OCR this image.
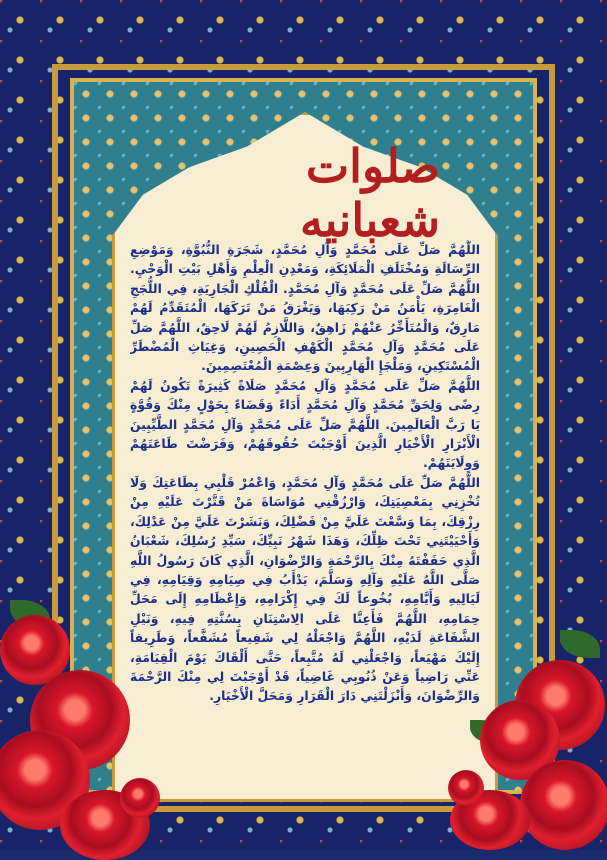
صلوات شعبانیه

اللَّهُمَّ صَلِّ عَلَى مُحَمَّدٍ وَآلِ مُحَمَّدٍ، شَجَرَةِ النُّبُوَّةِ، وَمَوْضِعِ الرِّسَالَةِ وَمُخْتَلَفِ الْمَلَائِكَةِ، وَمَعْدِنِ الْعِلْمِ وَأَهْلِ بَيْتِ الْوَحْيِ. اللَّهُمَّ صَلِّ عَلَى مُحَمَّدٍ وَآلِ مُحَمَّدٍ. الْفُلْكِ الْجَارِيَةِ، فِي اللُّجَجِ الْغَامِرَةِ، يَأْمَنُ مَنْ رَكِبَهَا، وَيَغْرَقُ مَنْ تَرَكَهَا، الْمُتَقَدِّمُ لَهُمْ مَارِقٌ، وَالْمُتَأَخِّرُ عَنْهُمْ زَاهِقٌ، وَاللَّازِمُ لَهُمْ لَاحِقٌ، اللَّهُمَّ صَلِّ عَلَى مُحَمَّدٍ وَآلِ مُحَمَّدٍ الْكَهْفِ الْحَصِينِ، وَغِيَاثِ الْمُضْطَرِّ الْمُسْتَكِينِ، وَمَلْجَإِ الْهَارِبِينَ وَعِصْمَةِ الْمُعْتَصِمِينَ.

اللَّهُمَّ صَلِّ عَلَى مُحَمَّدٍ وَآلِ مُحَمَّدٍ صَلَاةً كَثِيرَةً تَكُونُ لَهُمْ رِضًى وَلِحَقِّ مُحَمَّدٍ وَآلِ مُحَمَّدٍ أَدَاءً وَقَضَاءً بِحَوْلٍ مِنْكَ وَقُوَّةٍ يَا رَبَّ الْعَالَمِينَ. اللَّهُمَّ صَلِّ عَلَى مُحَمَّدٍ وَآلِ مُحَمَّدٍ الطَّيِّبِينَ الْأَبْرَارِ الْأَخْيَارِ الَّذِينَ أَوْجَبْتَ حُقُوقَهُمْ، وَفَرَضْتَ طَاعَتَهُمْ وَوِلَايَتَهُمْ.

اللَّهُمَّ صَلِّ عَلَى مُحَمَّدٍ وَآلِ مُحَمَّدٍ، وَاعْمُرْ قَلْبِي بِطَاعَتِكَ وَلَا تُخْزِنِي بِمَعْصِيَتِكَ، وَارْزُقْنِي مُوَاسَاةَ مَنْ قَتَّرْتَ عَلَيْهِ مِنْ رِزْقِكَ، بِمَا وَسَّعْتَ عَلَيَّ مِنْ فَضْلِكَ، وَنَشَرْتَ عَلَيَّ مِنْ عَدْلِكَ، وَأَحْيَيْتَنِي تَحْتَ ظِلِّكَ، وَهَذَا شَهْرُ نَبِيِّكَ، سَيِّدِ رُسُلِكَ، شَعْبَانُ الَّذِي حَفَفْتَهُ مِنْكَ بِالرَّحْمَةِ وَالرِّضْوَانِ، الَّذِي كَانَ رَسُولُ اللَّهِ صَلَّى اللَّهُ عَلَيْهِ وَآلِهِ وَسَلَّمَ، يَدْأَبُ فِي صِيَامِهِ وَقِيَامِهِ، فِي لَيَالِيهِ وَأَيَّامِهِ، بُخُوعاً لَكَ فِي إِكْرَامِهِ، وَإِعْظَامِهِ إِلَى مَحَلِّ حِمَامِهِ، اللَّهُمَّ فَأَعِنَّا عَلَى الِاسْتِنَانِ بِسُنَّتِهِ فِيهِ، وَنَيْلِ الشَّفَاعَةِ لَدَيْهِ، اللَّهُمَّ وَاجْعَلْهُ لِي شَفِيعاً مُشَفَّعاً، وَطَرِيقاً إِلَيْكَ مَهْيَعاً، وَاجْعَلْنِي لَهُ مُتَّبِعاً، حَتَّى أَلْقَاكَ يَوْمَ الْقِيَامَةِ، عَنِّي رَاضِياً وَعَنْ ذُنُوبِي غَاضِياً، قَدْ أَوْجَبْتَ لِي مِنْكَ الرَّحْمَةَ وَالرِّضْوَانَ، وَأَنْزَلْتَنِي دَارَ الْقَرَارِ وَمَحَلَّ الْأَخْيَارِ.
